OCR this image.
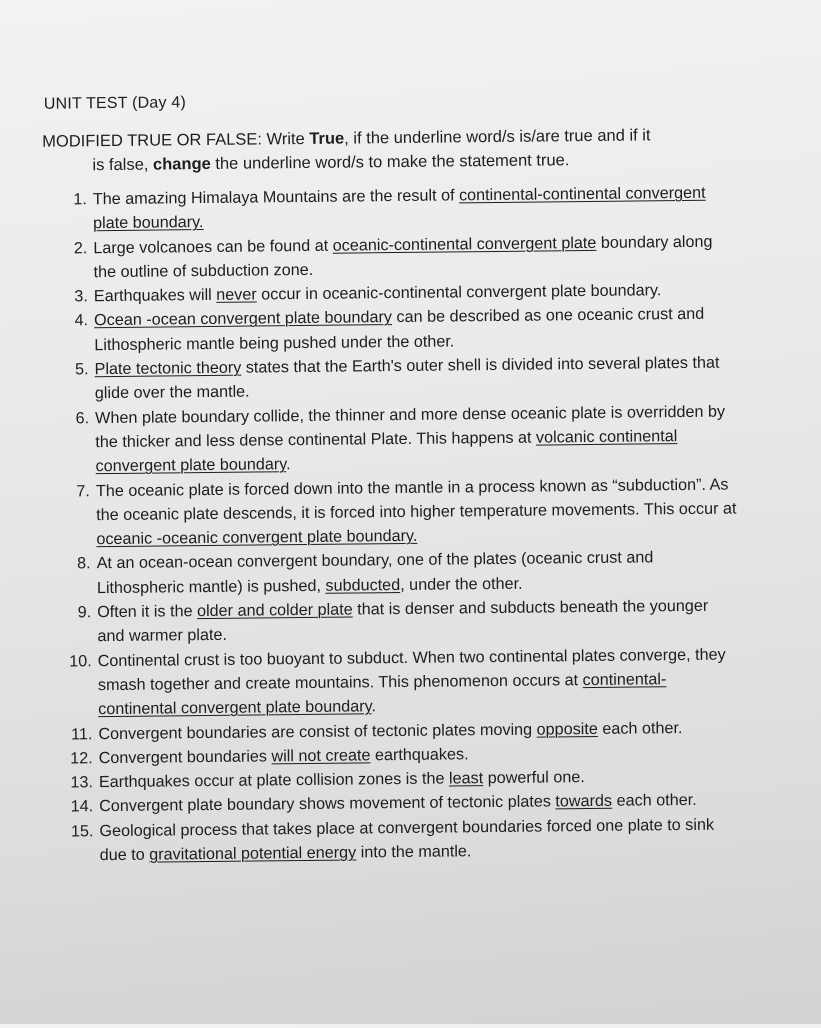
UNIT TEST (Day 4)
MODIFIED TRUE OR FALSE: Write True, if the underline word/s is/are true and if it
is false, change the underline word/s to make the statement true.
1. The amazing Himalaya Mountains are the result of continental-continental convergent plate boundary.
2. Large volcanoes can be found at oceanic-continental convergent plate boundary along the outline of subduction zone.
3. Earthquakes will never occur in oceanic-continental convergent plate boundary.
4. Ocean -ocean convergent plate boundary can be described as one oceanic crust and Lithospheric mantle being pushed under the other.
5. Plate tectonic theory states that the Earth's outer shell is divided into several plates that glide over the mantle.
6. When plate boundary collide, the thinner and more dense oceanic plate is overridden by the thicker and less dense continental Plate. This happens at volcanic continental convergent plate boundary.
7. The oceanic plate is forced down into the mantle in a process known as “subduction”. As the oceanic plate descends, it is forced into higher temperature movements. This occur at oceanic -oceanic convergent plate boundary.
8. At an ocean-ocean convergent boundary, one of the plates (oceanic crust and Lithospheric mantle) is pushed, subducted, under the other.
9. Often it is the older and colder plate that is denser and subducts beneath the younger and warmer plate.
10. Continental crust is too buoyant to subduct. When two continental plates converge, they smash together and create mountains. This phenomenon occurs at continental-continental convergent plate boundary.
11. Convergent boundaries are consist of tectonic plates moving opposite each other.
12. Convergent boundaries will not create earthquakes.
13. Earthquakes occur at plate collision zones is the least powerful one.
14. Convergent plate boundary shows movement of tectonic plates towards each other.
15. Geological process that takes place at convergent boundaries forced one plate to sink due to gravitational potential energy into the mantle.
